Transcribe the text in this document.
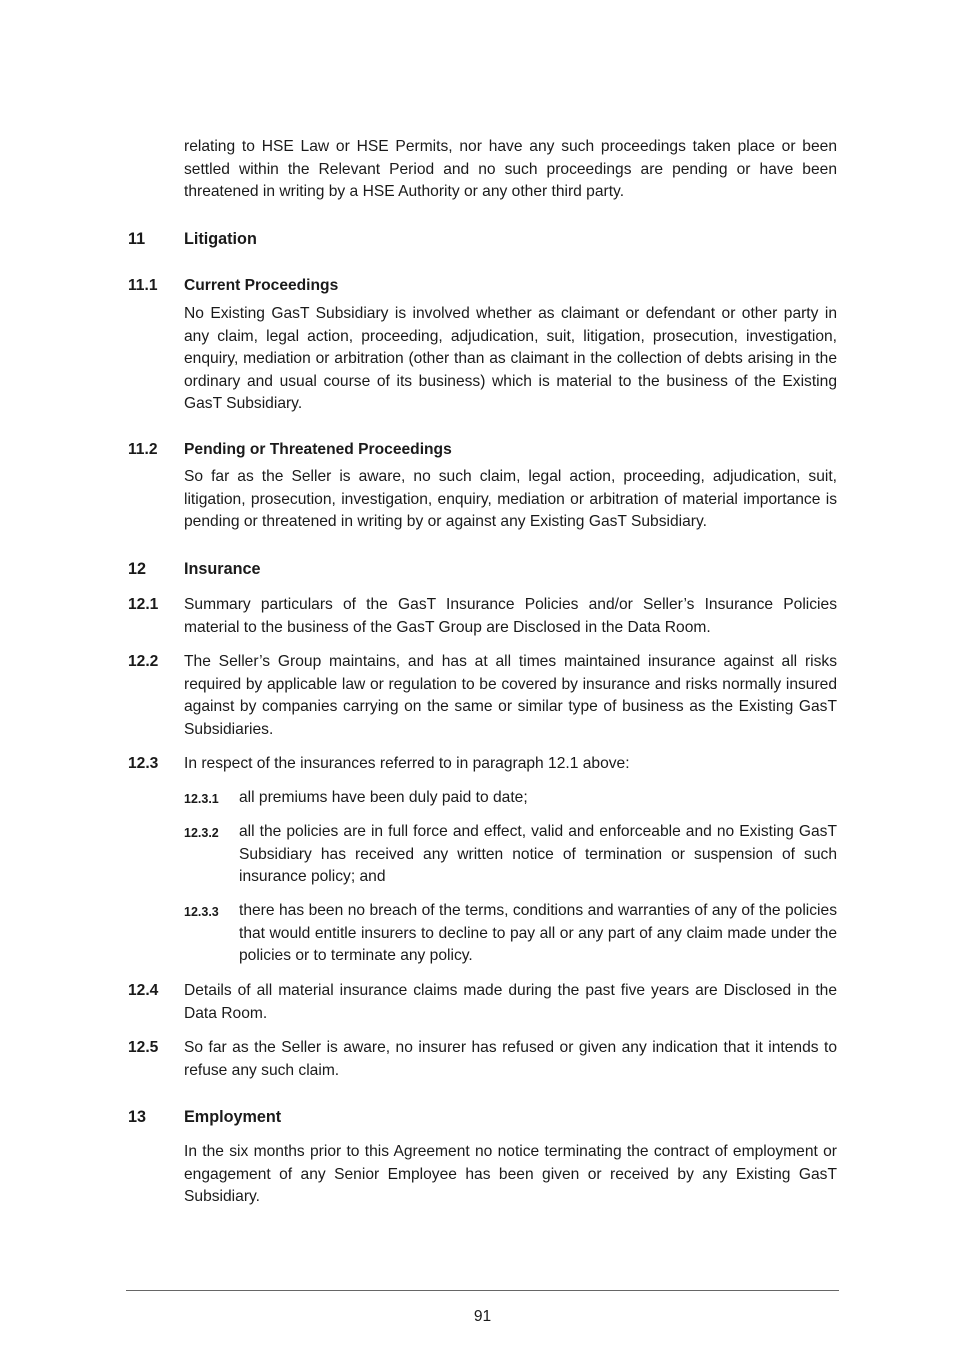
relating to HSE Law or HSE Permits, nor have any such proceedings taken place or been settled within the Relevant Period and no such proceedings are pending or have been threatened in writing by a HSE Authority or any other third party.

11 Litigation

11.1 Current Proceedings

No Existing GasT Subsidiary is involved whether as claimant or defendant or other party in any claim, legal action, proceeding, adjudication, suit, litigation, prosecution, investigation, enquiry, mediation or arbitration (other than as claimant in the collection of debts arising in the ordinary and usual course of its business) which is material to the business of the Existing GasT Subsidiary.

11.2 Pending or Threatened Proceedings

So far as the Seller is aware, no such claim, legal action, proceeding, adjudication, suit, litigation, prosecution, investigation, enquiry, mediation or arbitration of material importance is pending or threatened in writing by or against any Existing GasT Subsidiary.

12 Insurance

12.1 Summary particulars of the GasT Insurance Policies and/or Seller’s Insurance Policies material to the business of the GasT Group are Disclosed in the Data Room.

12.2 The Seller’s Group maintains, and has at all times maintained insurance against all risks required by applicable law or regulation to be covered by insurance and risks normally insured against by companies carrying on the same or similar type of business as the Existing GasT Subsidiaries.

12.3 In respect of the insurances referred to in paragraph 12.1 above:

12.3.1 all premiums have been duly paid to date;

12.3.2 all the policies are in full force and effect, valid and enforceable and no Existing GasT Subsidiary has received any written notice of termination or suspension of such insurance policy; and

12.3.3 there has been no breach of the terms, conditions and warranties of any of the policies that would entitle insurers to decline to pay all or any part of any claim made under the policies or to terminate any policy.

12.4 Details of all material insurance claims made during the past five years are Disclosed in the Data Room.

12.5 So far as the Seller is aware, no insurer has refused or given any indication that it intends to refuse any such claim.

13 Employment

In the six months prior to this Agreement no notice terminating the contract of employment or engagement of any Senior Employee has been given or received by any Existing GasT Subsidiary.

91
